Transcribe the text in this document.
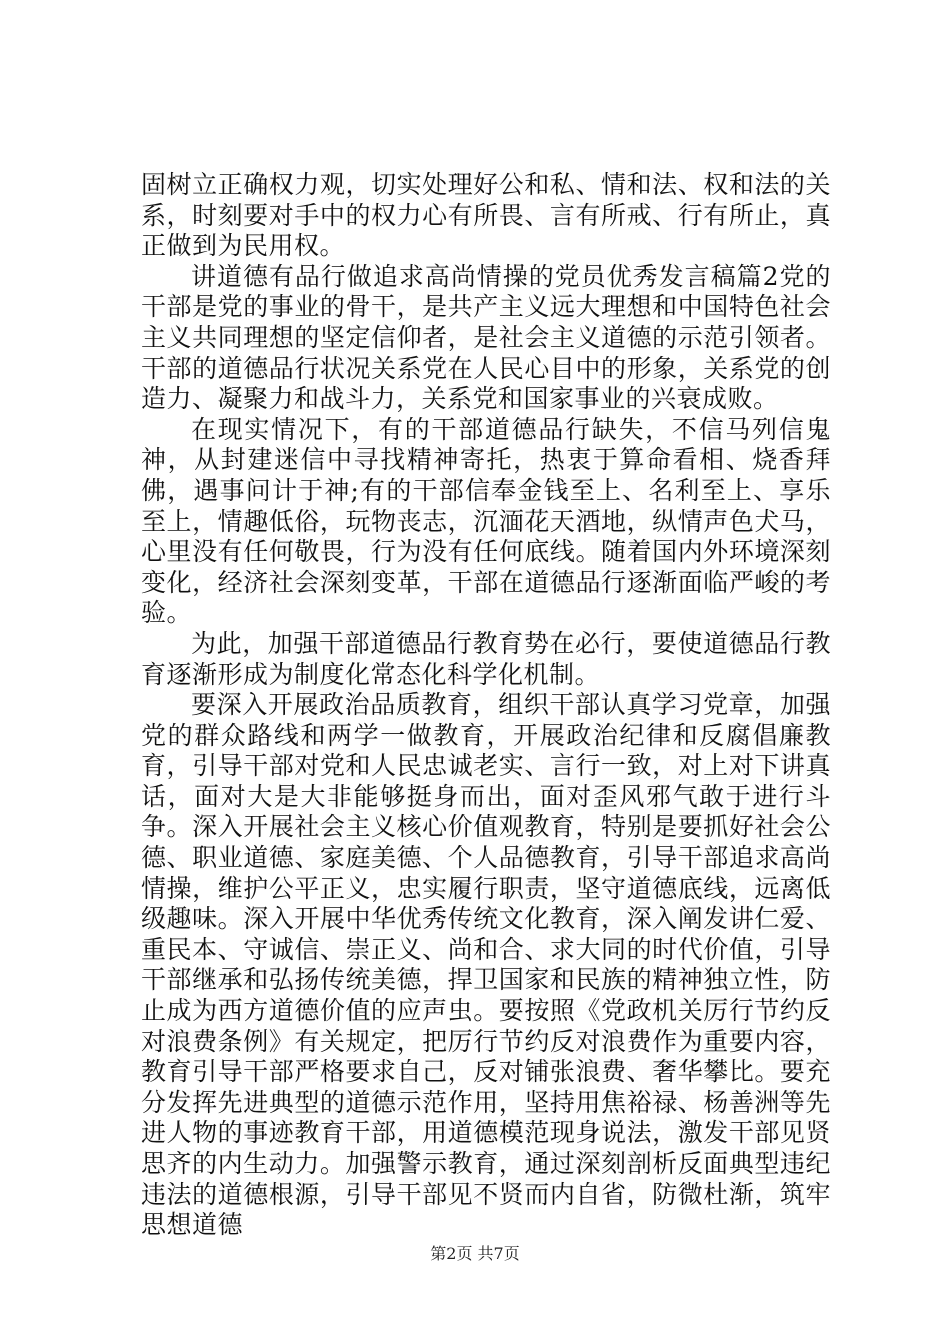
固树立正确权力观，切实处理好公和私、情和法、权和法的关系，时刻要对手中的权力心有所畏、言有所戒、行有所止，真正做到为民用权。

讲道德有品行做追求高尚情操的党员优秀发言稿篇2党的干部是党的事业的骨干，是共产主义远大理想和中国特色社会主义共同理想的坚定信仰者，是社会主义道德的示范引领者。干部的道德品行状况关系党在人民心目中的形象，关系党的创造力、凝聚力和战斗力，关系党和国家事业的兴衰成败。

在现实情况下，有的干部道德品行缺失，不信马列信鬼神，从封建迷信中寻找精神寄托，热衷于算命看相、烧香拜佛，遇事问计于神;有的干部信奉金钱至上、名利至上、享乐至上，情趣低俗，玩物丧志，沉湎花天酒地，纵情声色犬马，心里没有任何敬畏，行为没有任何底线。随着国内外环境深刻变化，经济社会深刻变革，干部在道德品行逐渐面临严峻的考验。

为此，加强干部道德品行教育势在必行，要使道德品行教育逐渐形成为制度化常态化科学化机制。

要深入开展政治品质教育，组织干部认真学习党章，加强党的群众路线和两学一做教育，开展政治纪律和反腐倡廉教育，引导干部对党和人民忠诚老实、言行一致，对上对下讲真话，面对大是大非能够挺身而出，面对歪风邪气敢于进行斗争。深入开展社会主义核心价值观教育，特别是要抓好社会公德、职业道德、家庭美德、个人品德教育，引导干部追求高尚情操，维护公平正义，忠实履行职责，坚守道德底线，远离低级趣味。深入开展中华优秀传统文化教育，深入阐发讲仁爱、重民本、守诚信、崇正义、尚和合、求大同的时代价值，引导干部继承和弘扬传统美德，捍卫国家和民族的精神独立性，防止成为西方道德价值的应声虫。要按照《党政机关厉行节约反对浪费条例》有关规定，把厉行节约反对浪费作为重要内容，教育引导干部严格要求自己，反对铺张浪费、奢华攀比。要充分发挥先进典型的道德示范作用，坚持用焦裕禄、杨善洲等先进人物的事迹教育干部，用道德模范现身说法，激发干部见贤思齐的内生动力。加强警示教育，通过深刻剖析反面典型违纪违法的道德根源，引导干部见不贤而内自省，防微杜渐，筑牢思想道德

第2页 共7页
